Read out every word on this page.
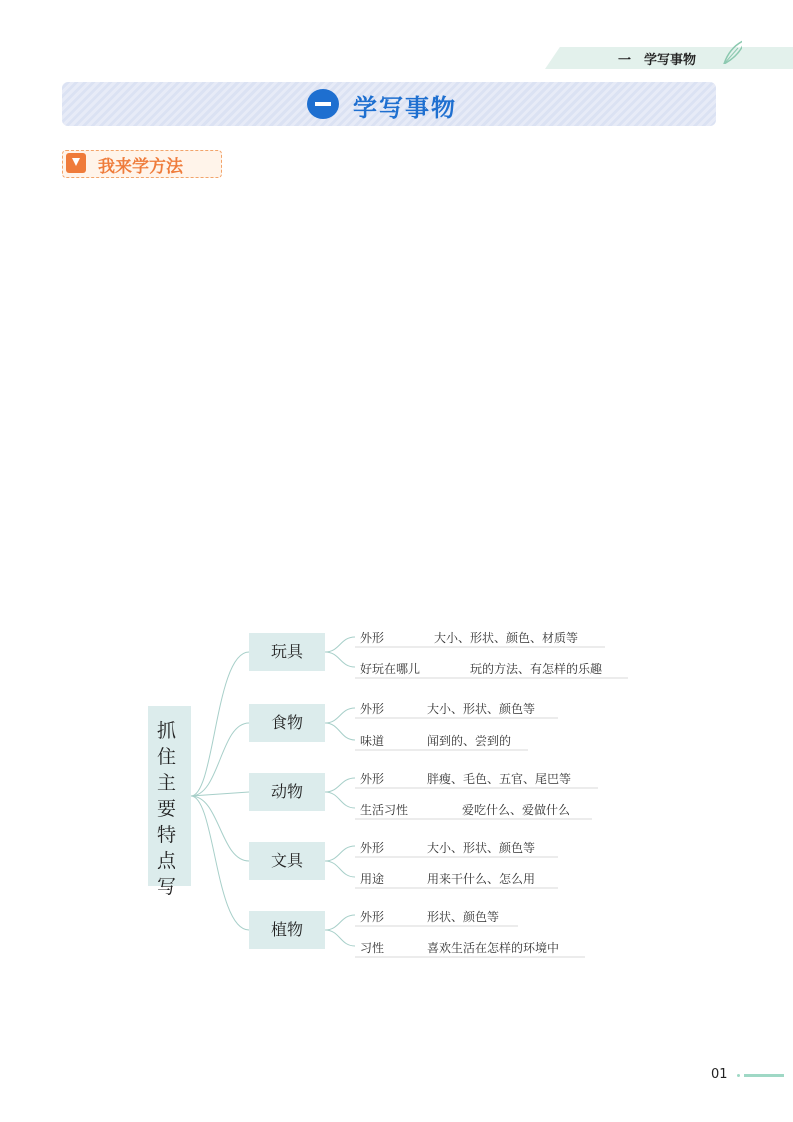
一　学写事物
学写事物
我来学方法
抓住主要特点写
玩具
食物
动物
文具
植物
外形	大小、形状、颜色、材质等
好玩在哪儿	玩的方法、有怎样的乐趣
外形	大小、形状、颜色等
味道	闻到的、尝到的
外形	胖瘦、毛色、五官、尾巴等
生活习性	爱吃什么、爱做什么
外形	大小、形状、颜色等
用途	用来干什么、怎么用
外形	形状、颜色等
习性	喜欢生活在怎样的环境中
01
